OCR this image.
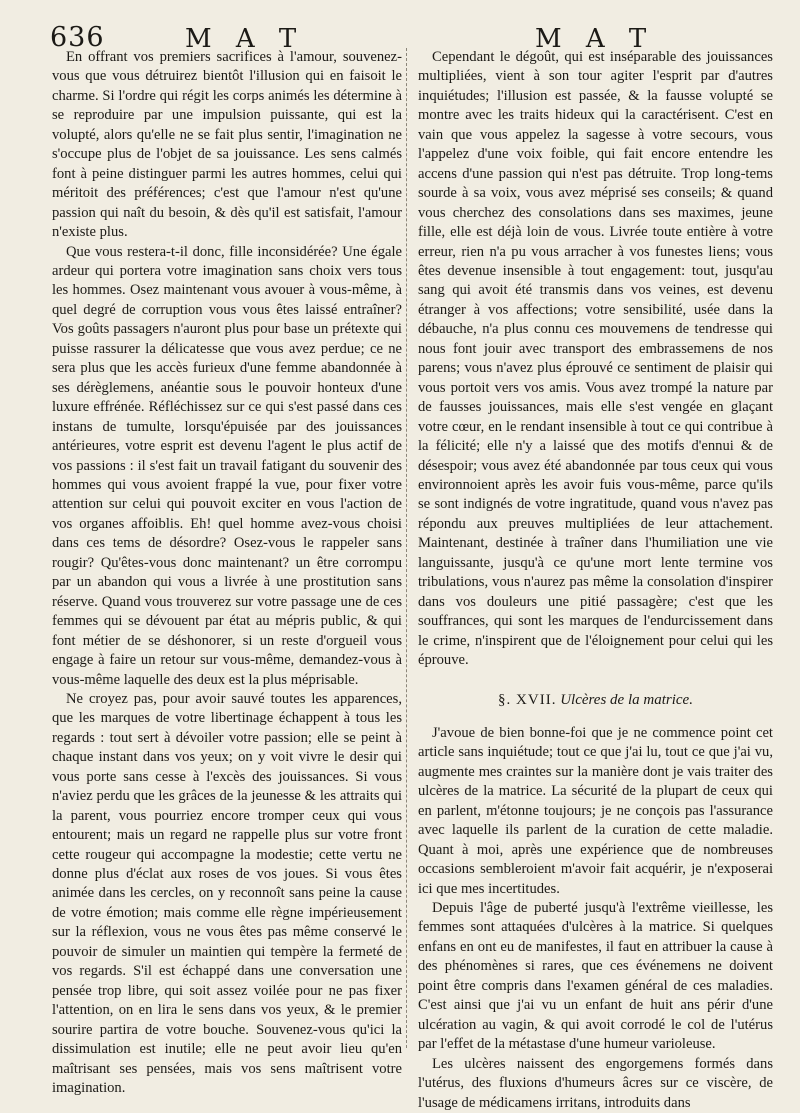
636	M A T	M A T

En offrant vos premiers sacrifices à l'amour, souvenez-vous que vous détruirez bientôt l'illusion qui en faisoit le charme. Si l'ordre qui régit les corps animés les détermine à se reproduire par une impulsion puissante, qui est la volupté, alors qu'elle ne se fait plus sentir, l'imagination ne s'occupe plus de l'objet de sa jouissance. Les sens calmés font à peine distinguer parmi les autres hommes, celui qui méritoit des préférences; c'est que l'amour n'est qu'une passion qui naît du besoin, & dès qu'il est satisfait, l'amour n'existe plus.

Que vous restera-t-il donc, fille inconsidérée? Une égale ardeur qui portera votre imagination sans choix vers tous les hommes. Osez maintenant vous avouer à vous-même, à quel degré de corruption vous vous êtes laissé entraîner? Vos goûts passagers n'auront plus pour base un prétexte qui puisse rassurer la délicatesse que vous avez perdue; ce ne sera plus que les accès furieux d'une femme abandonnée à ses dérèglemens, anéantie sous le pouvoir honteux d'une luxure effrénée. Réfléchissez sur ce qui s'est passé dans ces instans de tumulte, lorsqu'épuisée par des jouissances antérieures, votre esprit est devenu l'agent le plus actif de vos passions : il s'est fait un travail fatigant du souvenir des hommes qui vous avoient frappé la vue, pour fixer votre attention sur celui qui pouvoit exciter en vous l'action de vos organes affoiblis. Eh! quel homme avez-vous choisi dans ces tems de désordre? Osez-vous le rappeler sans rougir? Qu'êtes-vous donc maintenant? un être corrompu par un abandon qui vous a livrée à une prostitution sans réserve. Quand vous trouverez sur votre passage une de ces femmes qui se dévouent par état au mépris public, & qui font métier de se déshonorer, si un reste d'orgueil vous engage à faire un retour sur vous-même, demandez-vous à vous-même laquelle des deux est la plus méprisable.

Ne croyez pas, pour avoir sauvé toutes les apparences, que les marques de votre libertinage échappent à tous les regards : tout sert à dévoiler votre passion; elle se peint à chaque instant dans vos yeux; on y voit vivre le desir qui vous porte sans cesse à l'excès des jouissances. Si vous n'aviez perdu que les grâces de la jeunesse & les attraits qui la parent, vous pourriez encore tromper ceux qui vous entourent; mais un regard ne rappelle plus sur votre front cette rougeur qui accompagne la modestie; cette vertu ne donne plus d'éclat aux roses de vos joues. Si vous êtes animée dans les cercles, on y reconnoît sans peine la cause de votre émotion; mais comme elle règne impérieusement sur la réflexion, vous ne vous êtes pas même conservé le pouvoir de simuler un maintien qui tempère la fermeté de vos regards. S'il est échappé dans une conversation une pensée trop libre, qui soit assez voilée pour ne pas fixer l'attention, on en lira le sens dans vos yeux, & le premier sourire partira de votre bouche. Souvenez-vous qu'ici la dissimulation est inutile; elle ne peut avoir lieu qu'en maîtrisant ses pensées, mais vos sens maîtrisent votre imagination.

Cependant le dégoût, qui est inséparable des jouissances multipliées, vient à son tour agiter l'esprit par d'autres inquiétudes; l'illusion est passée, & la fausse volupté se montre avec les traits hideux qui la caractérisent. C'est en vain que vous appelez la sagesse à votre secours, vous l'appelez d'une voix foible, qui fait encore entendre les accens d'une passion qui n'est pas détruite. Trop long-tems sourde à sa voix, vous avez méprisé ses conseils; & quand vous cherchez des consolations dans ses maximes, jeune fille, elle est déjà loin de vous. Livrée toute entière à votre erreur, rien n'a pu vous arracher à vos funestes liens; vous êtes devenue insensible à tout engagement: tout, jusqu'au sang qui avoit été transmis dans vos veines, est devenu étranger à vos affections; votre sensibilité, usée dans la débauche, n'a plus connu ces mouvemens de tendresse qui nous font jouir avec transport des embrassemens de nos parens; vous n'avez plus éprouvé ce sentiment de plaisir qui vous portoit vers vos amis. Vous avez trompé la nature par de fausses jouissances, mais elle s'est vengée en glaçant votre cœur, en le rendant insensible à tout ce qui contribue à la félicité; elle n'y a laissé que des motifs d'ennui & de désespoir; vous avez été abandonnée par tous ceux qui vous environnoient après les avoir fuis vous-même, parce qu'ils se sont indignés de votre ingratitude, quand vous n'avez pas répondu aux preuves multipliées de leur attachement. Maintenant, destinée à traîner dans l'humiliation une vie languissante, jusqu'à ce qu'une mort lente termine vos tribulations, vous n'aurez pas même la consolation d'inspirer dans vos douleurs une pitié passagère; c'est que les souffrances, qui sont les marques de l'endurcissement dans le crime, n'inspirent que de l'éloignement pour celui qui les éprouve.

§. XVII. Ulcères de la matrice.

J'avoue de bien bonne-foi que je ne commence point cet article sans inquiétude; tout ce que j'ai lu, tout ce que j'ai vu, augmente mes craintes sur la manière dont je vais traiter des ulcères de la matrice. La sécurité de la plupart de ceux qui en parlent, m'étonne toujours; je ne conçois pas l'assurance avec laquelle ils parlent de la curation de cette maladie. Quant à moi, après une expérience que de nombreuses occasions sembleroient m'avoir fait acquérir, je n'exposerai ici que mes incertitudes.

Depuis l'âge de puberté jusqu'à l'extrême vieillesse, les femmes sont attaquées d'ulcères à la matrice. Si quelques enfans en ont eu de manifestes, il faut en attribuer la cause à des phénomènes si rares, que ces événemens ne doivent point être compris dans l'examen général de ces maladies. C'est ainsi que j'ai vu un enfant de huit ans périr d'une ulcération au vagin, & qui avoit corrodé le col de l'utérus par l'effet de la métastase d'une humeur varioleuse.

Les ulcères naissent des engorgemens formés dans l'utérus, des fluxions d'humeurs âcres sur ce viscère, de l'usage de médicamens irritans, introduits dans
